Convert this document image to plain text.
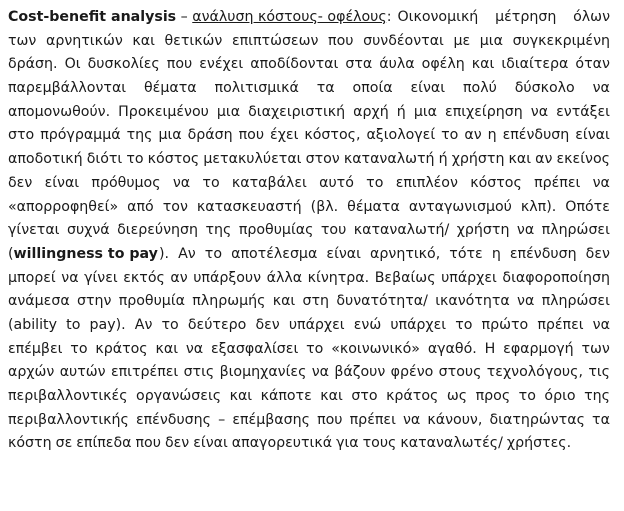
Cost-benefit analysis – ανάλυση κόστους- οφέλους: Οικονομική μέτρηση όλων
των αρνητικών και θετικών επιπτώσεων που συνδέονται με μια συγκεκριμένη
δράση. Οι δυσκολίες που ενέχει αποδίδονται στα άυλα οφέλη και ιδιαίτερα όταν
παρεμβάλλονται θέματα πολιτισμικά τα οποία είναι πολύ δύσκολο να
απομονωθούν. Προκειμένου μια διαχειριστική αρχή ή μια επιχείρηση να εντάξει
στο πρόγραμμά της μια δράση που έχει κόστος, αξιολογεί το αν η επένδυση είναι
αποδοτική διότι το κόστος μετακυλύεται στον καταναλωτή ή χρήστη και αν εκείνος
δεν είναι πρόθυμος να το καταβάλει αυτό το επιπλέον κόστος πρέπει να
«απορροφηθεί» από τον κατασκευαστή (βλ. θέματα ανταγωνισμού κλπ). Οπότε
γίνεται συχνά διερεύνηση της προθυμίας του καταναλωτή/ χρήστη να πληρώσει
(willingness to pay ). Αν το αποτέλεσμα είναι αρνητικό, τότε η επένδυση δεν
μπορεί να γίνει εκτός αν υπάρξουν άλλα κίνητρα. Βεβαίως υπάρχει διαφοροποίηση
ανάμεσα στην προθυμία πληρωμής και στη δυνατότητα/ ικανότητα να πληρώσει
(ability to pay). Αν το δεύτερο δεν υπάρχει ενώ υπάρχει το πρώτο πρέπει να
επέμβει το κράτος και να εξασφαλίσει το «κοινωνικό» αγαθό. Η εφαρμογή των
αρχών αυτών επιτρέπει στις βιομηχανίες να βάζουν φρένο στους τεχνολόγους, τις
περιβαλλοντικές οργανώσεις και κάποτε και στο κράτος ως προς το όριο της
περιβαλλοντικής επένδυσης – επέμβασης που πρέπει να κάνουν, διατηρώντας τα
κόστη σε επίπεδα που δεν είναι απαγορευτικά για τους καταναλωτές/ χρήστες.
